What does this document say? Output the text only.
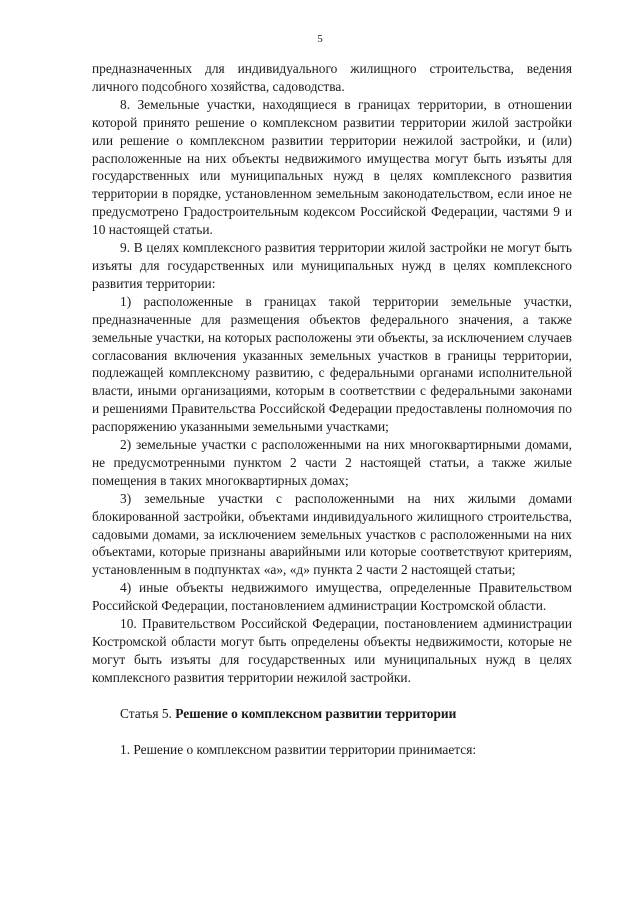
5

предназначенных для индивидуального жилищного строительства, ведения личного подсобного хозяйства, садоводства.

8. Земельные участки, находящиеся в границах территории, в отношении которой принято решение о комплексном развитии территории жилой застройки или решение о комплексном развитии территории нежилой застройки, и (или) расположенные на них объекты недвижимого имущества могут быть изъяты для государственных или муниципальных нужд в целях комплексного развития территории в порядке, установленном земельным законодательством, если иное не предусмотрено Градостроительным кодексом Российской Федерации, частями 9 и 10 настоящей статьи.

9. В целях комплексного развития территории жилой застройки не могут быть изъяты для государственных или муниципальных нужд в целях комплексного развития территории:

1) расположенные в границах такой территории земельные участки, предназначенные для размещения объектов федерального значения, а также земельные участки, на которых расположены эти объекты, за исключением случаев согласования включения указанных земельных участков в границы территории, подлежащей комплексному развитию, с федеральными органами исполнительной власти, иными организациями, которым в соответствии с федеральными законами и решениями Правительства Российской Федерации предоставлены полномочия по распоряжению указанными земельными участками;

2) земельные участки с расположенными на них многоквартирными домами, не предусмотренными пунктом 2 части 2 настоящей статьи, а также жилые помещения в таких многоквартирных домах;

3) земельные участки с расположенными на них жилыми домами блокированной застройки, объектами индивидуального жилищного строительства, садовыми домами, за исключением земельных участков с расположенными на них объектами, которые признаны аварийными или которые соответствуют критериям, установленным в подпунктах «а», «д» пункта 2 части 2 настоящей статьи;

4) иные объекты недвижимого имущества, определенные Правительством Российской Федерации, постановлением администрации Костромской области.

10. Правительством Российской Федерации, постановлением администрации Костромской области могут быть определены объекты недвижимости, которые не могут быть изъяты для государственных или муниципальных нужд в целях комплексного развития территории нежилой застройки.

Статья 5. Решение о комплексном развитии территории

1. Решение о комплексном развитии территории принимается:
